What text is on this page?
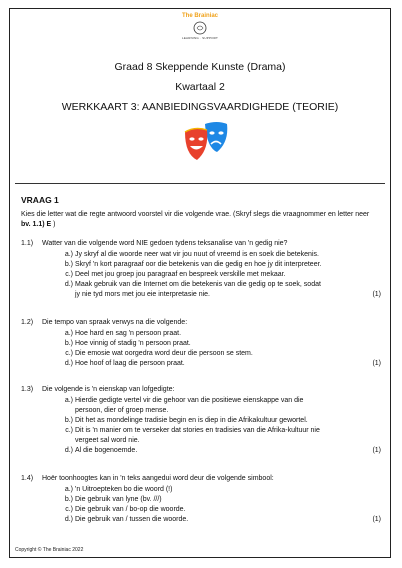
The Brainiac
LEARNING · SUPPORT
Graad 8 Skeppende Kunste (Drama)
Kwartaal 2
WERKKAART 3: AANBIEDINGSVAARDIGHEDE (TEORIE)
VRAAG 1
Kies die letter wat die regte antwoord voorstel vir die volgende vrae. (Skryf slegs die vraagnommer en letter neer bv. 1.1) E )
1.1) Watter van die volgende word NIE gedoen tydens teksanalise van 'n gedig nie?
a.) Jy skryf al die woorde neer wat vir jou nuut of vreemd is en soek die betekenis.
b.) Skryf 'n kort paragraaf oor die betekenis van die gedig en hoe jy dit interpreteer.
c.) Deel met jou groep jou paragraaf en bespreek verskille met mekaar.
d.) Maak gebruik van die Internet om die betekenis van die gedig op te soek, sodat
jy nie tyd mors met jou eie interpretasie nie.	(1)
1.2) Die tempo van spraak verwys na die volgende:
a.) Hoe hard en sag 'n persoon praat.
b.) Hoe vinnig of stadig 'n persoon praat.
c.) Die emosie wat oorgedra word deur die persoon se stem.
d.) Hoe hoof of laag die persoon praat.	(1)
1.3) Die volgende is 'n eienskap van lofgedigte:
a.) Hierdie gedigte vertel vir die gehoor van die positiewe eienskappe van die
persoon, dier of groep mense.
b.) Dit het as mondelinge tradisie begin en is diep in die Afrikakultuur gewortel.
c.) Dit is 'n manier om te verseker dat stories en tradisies van die Afrika-kultuur nie
vergeet sal word nie.
d.) Al die bogenoemde.	(1)
1.4) Hoër toonhoogtes kan in 'n teks aangedui word deur die volgende simbool:
a.) 'n Uitroepteken bo die woord (!)
b.) Die gebruik van lyne (bv. ///)
c.) Die gebruik van / bo-op die woorde.
d.) Die gebruik van / tussen die woorde.	(1)
Copyright © The Brainiac 2022
